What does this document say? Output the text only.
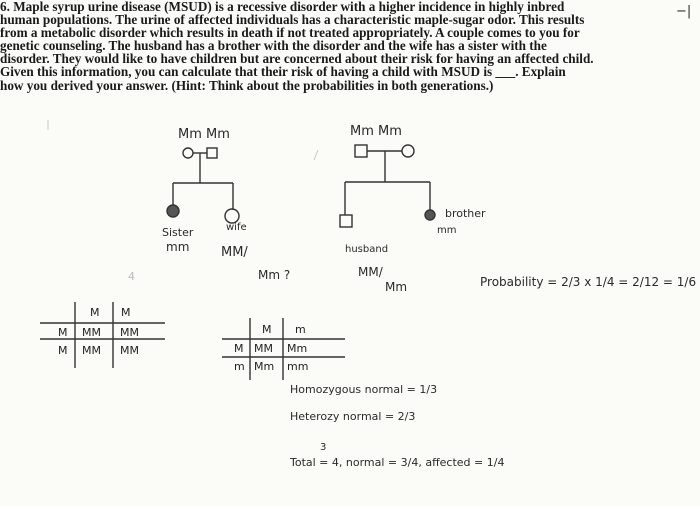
6. Maple syrup urine disease (MSUD) is a recessive disorder with a higher incidence in highly inbred
human populations. The urine of affected individuals has a characteristic maple-sugar odor. This results
from a metabolic disorder which results in death if not treated appropriately. A couple comes to you for
genetic counseling. The husband has a brother with the disorder and the wife has a sister with the
disorder. They would like to have children but are concerned about their risk for having an affected child.
Given this information, you can calculate that their risk of having a child with MSUD is ___. Explain
how you derived your answer. (Hint: Think about the probabilities in both generations.)
−|
Mm Mm	Mm Mm
Sister
mm
wife
MM/
Mm ?
husband
MM/
Mm
brother
mm
4	Probability = 2/3 x 1/4 = 2/12 = 1/6
M M
M MM MM
M MM MM
M m
M MM Mm
m Mm mm
Homozygous normal = 1/3
Heterozy normal = 2/3
3
Total = 4, normal = 3/4, affected = 1/4
